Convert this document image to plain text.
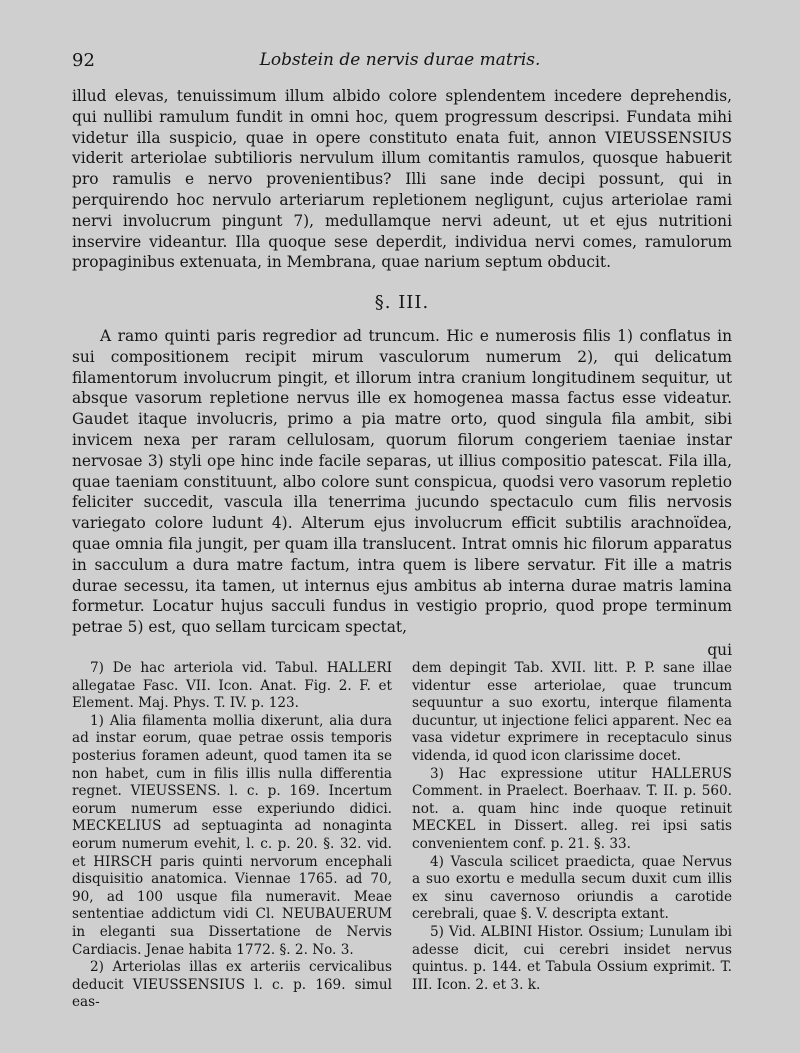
92	Lobstein de nervis durae matris.

illud elevas, tenuissimum illum albido colore splendentem incedere deprehendis, qui nullibi ramulum fundit in omni hoc, quem progressum descripsi. Fundata mihi videtur illa suspicio, quae in opere constituto enata fuit, annon VIEUSSENSIUS viderit arteriolae subtilioris nervulum illum comitantis ramulos, quosque habuerit pro ramulis e nervo provenientibus? Illi sane inde decipi possunt, qui in perquirendo hoc nervulo arteriarum repletionem negligunt, cujus arteriolae rami nervi involucrum pingunt 7), medullamque nervi adeunt, ut et ejus nutritioni inservire videantur. Illa quoque sese deperdit, individua nervi comes, ramulorum propaginibus extenuata, in Membrana, quae narium septum obducit.

§. III.

A ramo quinti paris regredior ad truncum. Hic e numerosis filis 1) conflatus in sui compositionem recipit mirum vasculorum numerum 2), qui delicatum filamentorum involucrum pingit, et illorum intra cranium longitudinem sequitur, ut absque vasorum repletione nervus ille ex homogenea massa factus esse videatur. Gaudet itaque involucris, primo a pia matre orto, quod singula fila ambit, sibi invicem nexa per raram cellulosam, quorum filorum congeriem taeniae instar nervosae 3) styli ope hinc inde facile separas, ut illius compositio patescat. Fila illa, quae taeniam constituunt, albo colore sunt conspicua, quodsi vero vasorum repletio feliciter succedit, vascula illa tenerrima jucundo spectaculo cum filis nervosis variegato colore ludunt 4). Alterum ejus involucrum efficit subtilis arachnoïdea, quae omnia fila jungit, per quam illa translucent. Intrat omnis hic filorum apparatus in sacculum a dura matre factum, intra quem is libere servatur. Fit ille a matris durae secessu, ita tamen, ut internus ejus ambitus ab interna durae matris lamina formetur. Locatur hujus sacculi fundus in vestigio proprio, quod prope terminum petrae 5) est, quo sellam turcicam spectat,

qui

7) De hac arteriola vid. Tabul. HALLERI allegatae Fasc. VII. Icon. Anat. Fig. 2. F. et Element. Maj. Phys. T. IV. p. 123.

1) Alia filamenta mollia dixerunt, alia dura ad instar eorum, quae petrae ossis temporis posterius foramen adeunt, quod tamen ita se non habet, cum in filis illis nulla differentia regnet. VIEUSSENS. l. c. p. 169. Incertum eorum numerum esse experiundo didici. MECKELIUS ad septuaginta ad nonaginta eorum numerum evehit, l. c. p. 20. §. 32. vid. et HIRSCH paris quinti nervorum encephali disquisitio anatomica. Viennae 1765. ad 70, 90, ad 100 usque fila numeravit. Meae sententiae addictum vidi Cl. NEUBAUERUM in eleganti sua Dissertatione de Nervis Cardiacis. Jenae habita 1772. §. 2. No. 3.

2) Arteriolas illas ex arteriis cervicalibus deducit VIEUSSENSIUS l. c. p. 169. simul eas-

dem depingit Tab. XVII. litt. P. P. sane illae videntur esse arteriolae, quae truncum sequuntur a suo exortu, interque filamenta ducuntur, ut injectione felici apparent. Nec ea vasa videtur exprimere in receptaculo sinus videnda, id quod icon clarissime docet.

3) Hac expressione utitur HALLERUS Comment. in Praelect. Boerhaav. T. II. p. 560. not. a. quam hinc inde quoque retinuit MECKEL in Dissert. alleg. rei ipsi satis convenientem conf. p. 21. §. 33.

4) Vascula scilicet praedicta, quae Nervus a suo exortu e medulla secum duxit cum illis ex sinu cavernoso oriundis a carotide cerebrali, quae §. V. descripta extant.

5) Vid. ALBINI Histor. Ossium; Lunulam ibi adesse dicit, cui cerebri insidet nervus quintus. p. 144. et Tabula Ossium exprimit. T. III. Icon. 2. et 3. k.
